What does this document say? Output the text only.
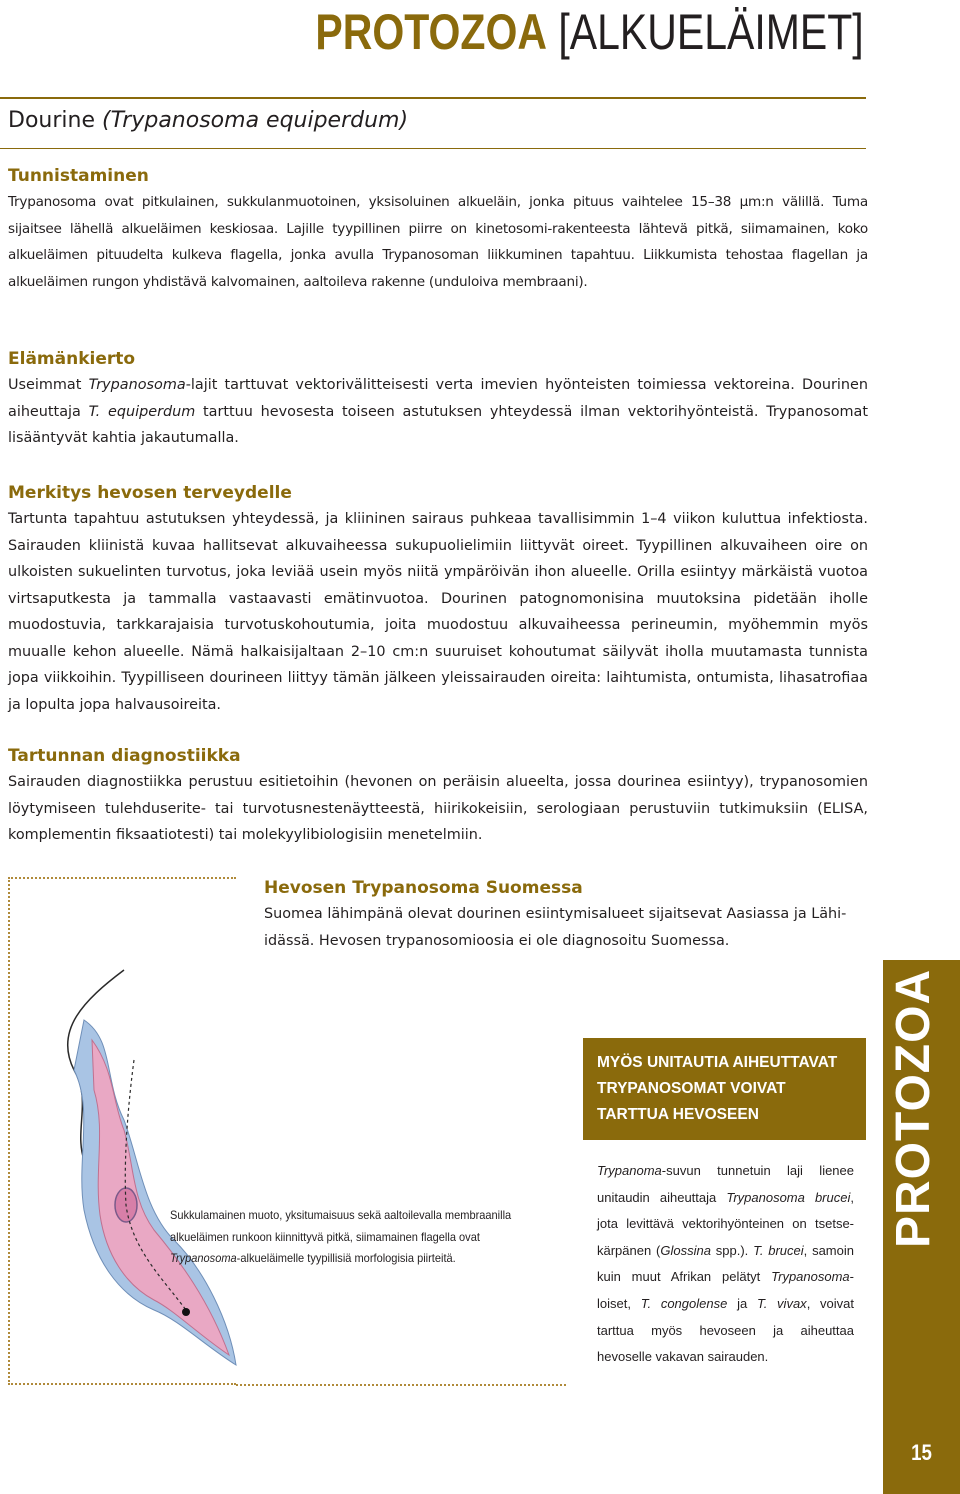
PROTOZOA
15
PROTOZOA [ALKUELÄIMET]
Dourine (Trypanosoma equiperdum)
Tunnistaminen

Trypanosoma ovat pitkulainen, sukkulanmuotoinen, yksisoluinen alkueläin, jonka pituus vaihtelee 15–38 µm:n välillä. Tuma sijaitsee lähellä alkueläimen keskiosaa. Lajille tyypillinen piirre on kinetosomi-rakenteesta lähtevä pitkä, siimamainen, koko alkueläimen pituudelta kulkeva flagella, jonka avulla Trypanosoman liikkuminen tapahtuu. Liikkumista tehostaa flagellan ja alkueläimen rungon yhdistävä kalvomainen, aaltoileva rakenne (unduloiva membraani).

Elämänkierto

Useimmat Trypanosoma-lajit tarttuvat vektorivälitteisesti verta imevien hyönteisten toimiessa vektoreina. Dourinen aiheuttaja T. equiperdum tarttuu hevosesta toiseen astutuksen yhteydessä ilman vektorihyönteistä. Trypanosomat lisääntyvät kahtia jakautumalla.

Merkitys hevosen terveydelle

Tartunta tapahtuu astutuksen yhteydessä, ja kliininen sairaus puhkeaa tavallisimmin 1–4 viikon kuluttua infektiosta. Sairauden kliinistä kuvaa hallitsevat alkuvaiheessa sukupuolielimiin liittyvät oireet. Tyypillinen alkuvaiheen oire on ulkoisten sukuelinten turvotus, joka leviää usein myös niitä ympäröivän ihon alueelle. Orilla esiintyy märkäistä vuotoa virtsaputkesta ja tammalla vastaavasti emätinvuotoa. Dourinen patognomonisina muutoksina pidetään iholle muodostuvia, tarkkarajaisia turvotuskohoutumia, joita muodostuu alkuvaiheessa perineumin, myöhemmin myös muualle kehon alueelle. Nämä halkaisijaltaan 2–10 cm:n suuruiset kohoutumat säilyvät iholla muutamasta tunnista jopa viikkoihin. Tyypilliseen dourineen liittyy tämän jälkeen yleissairauden oireita: laihtumista, ontumista, lihasatrofiaa ja lopulta jopa halvausoireita.

Tartunnan diagnostiikka

Sairauden diagnostiikka perustuu esitietoihin (hevonen on peräisin alueelta, jossa dourinea esiintyy), trypanosomien löytymiseen tulehduserite- tai turvotusnestenäytteestä, hiirikokeisiin, serologiaan perustuviin tutkimuksiin (ELISA, komplementin fiksaatiotesti) tai molekyylibiologisiin menetelmiin.

Hevosen Trypanosoma Suomessa

Suomea lähimpänä olevat dourinen esiintymisalueet sijaitsevat Aasiassa ja Lähi-idässä. Hevosen trypanosomioosia ei ole diagnosoitu Suomessa.

Sukkulamainen muoto, yksitumaisuus sekä aaltoilevalla membraanilla alkueläimen runkoon kiinnittyvä pitkä, siimamainen flagella ovat Trypanosoma-alkueläimelle tyypillisiä morfologisia piirteitä.
MYÖS UNITAUTIA AIHEUTTAVAT TRYPANOSOMAT VOIVAT TARTTUA HEVOSEEN
Trypanoma-suvun tunnetuin laji lienee unitaudin aiheuttaja Trypanosoma brucei, jota levittävä vektorihyönteinen on tsetse-kärpänen (Glossina spp.). T. brucei, samoin kuin muut Afrikan pelätyt Trypanosoma-loiset, T. congolense ja T. vivax, voivat tarttua myös hevoseen ja aiheuttaa hevoselle vakavan sairauden.
